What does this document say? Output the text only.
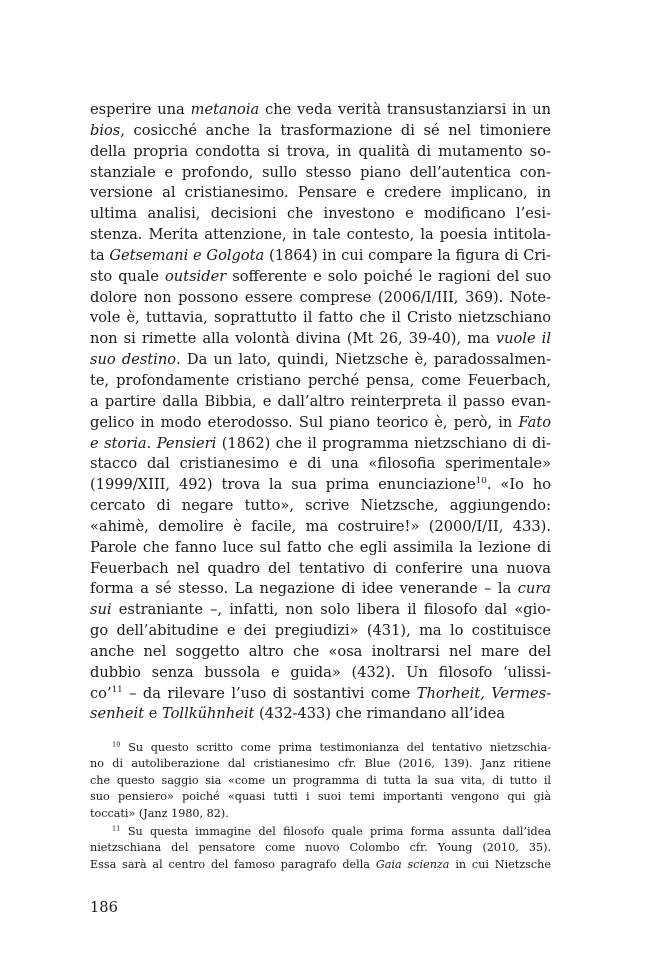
esperire una metanoia che veda verità transustanziarsi in un

bios, cosicché anche la trasformazione di sé nel timoniere

della propria condotta si trova, in qualità di mutamento so-

stanziale e profondo, sullo stesso piano dell’autentica con-

versione al cristianesimo. Pensare e credere implicano, in

ultima analisi, decisioni che investono e modificano l’esi-

stenza. Merita attenzione, in tale contesto, la poesia intitola-

ta Getsemani e Golgota (1864) in cui compare la figura di Cri-

sto quale outsider sofferente e solo poiché le ragioni del suo

dolore non possono essere comprese (2006/I/III, 369). Note-

vole è, tuttavia, soprattutto il fatto che il Cristo nietzschiano

non si rimette alla volontà divina (Mt 26, 39-40), ma vuole il

suo destino. Da un lato, quindi, Nietzsche è, paradossalmen-

te, profondamente cristiano perché pensa, come Feuerbach,

a partire dalla Bibbia, e dall’altro reinterpreta il passo evan-

gelico in modo eterodosso. Sul piano teorico è, però, in Fato

e storia. Pensieri (1862) che il programma nietzschiano di di-

stacco dal cristianesimo e di una «filosofia sperimentale»

(1999/XIII, 492) trova la sua prima enunciazione$^{10}$. «Io ho

cercato di negare tutto», scrive Nietzsche, aggiungendo:

«ahimè, demolire è facile, ma costruire!» (2000/I/II, 433).

Parole che fanno luce sul fatto che egli assimila la lezione di

Feuerbach nel quadro del tentativo di conferire una nuova

forma a sé stesso. La negazione di idee venerande – la cura

sui estraniante –, infatti, non solo libera il filosofo dal «gio-

go dell’abitudine e dei pregiudizi» (431), ma lo costituisce

anche nel soggetto altro che «osa inoltrarsi nel mare del

dubbio senza bussola e guida» (432). Un filosofo ‘ulissi-

co’$^{11}$ – da rilevare l’uso di sostantivi come Thorheit, Vermes-

senheit e Tollkühnheit (432-433) che rimandano all’idea

$^{10}$ Su questo scritto come prima testimonianza del tentativo nietzschia-

no di autoliberazione dal cristianesimo cfr. Blue (2016, 139). Janz ritiene

che questo saggio sia «come un programma di tutta la sua vita, di tutto il

suo pensiero» poiché «quasi tutti i suoi temi importanti vengono qui già

toccati» (Janz 1980, 82).

$^{11}$ Su questa immagine del filosofo quale prima forma assunta dall’idea

nietzschiana del pensatore come nuovo Colombo cfr. Young (2010, 35).

Essa sarà al centro del famoso paragrafo della Gaia scienza in cui Nietzsche

186
